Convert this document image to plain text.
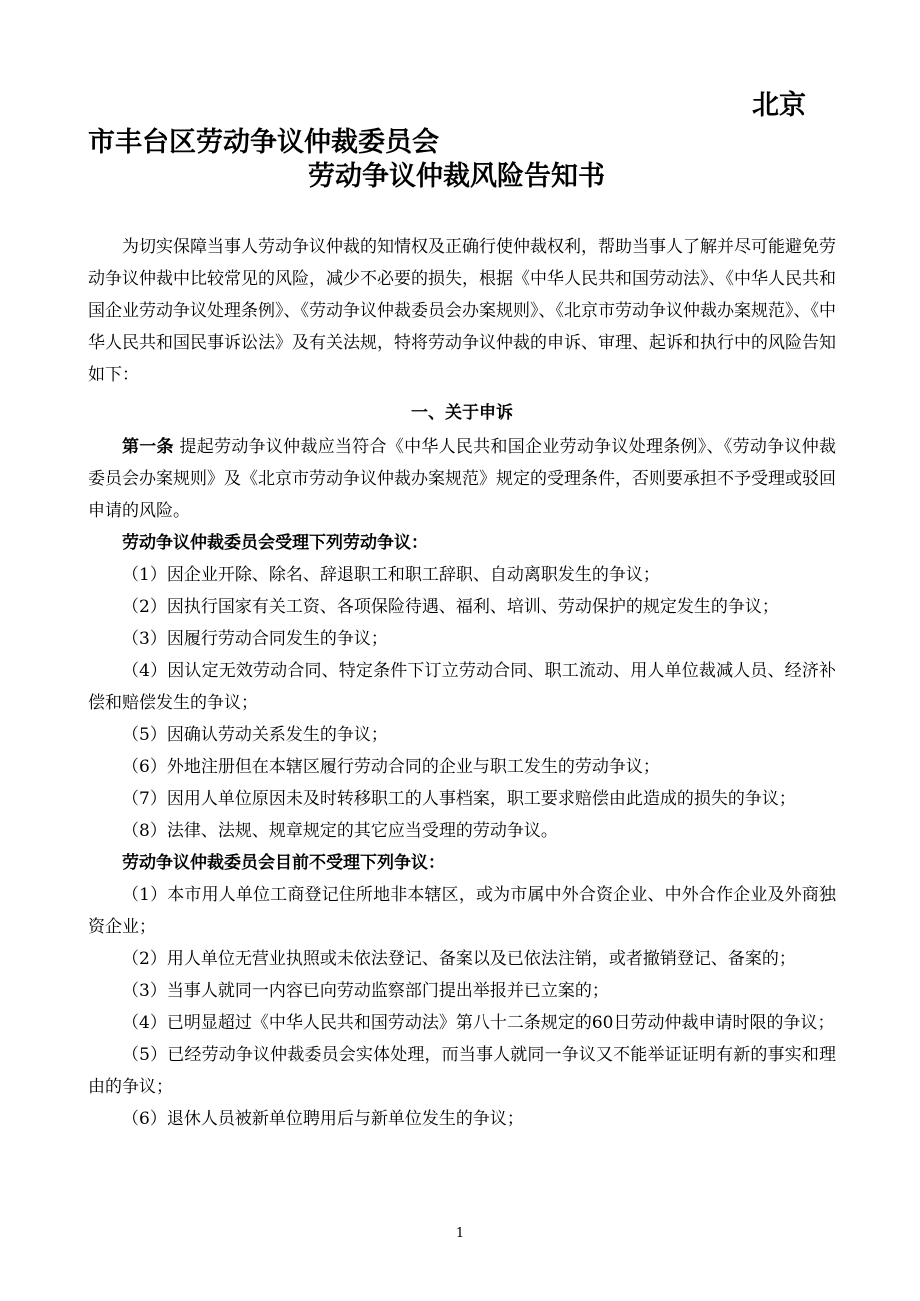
北京
市丰台区劳动争议仲裁委员会
劳动争议仲裁风险告知书

为切实保障当事人劳动争议仲裁的知情权及正确行使仲裁权利，帮助当事人了解并尽可能避免劳动争议仲裁中比较常见的风险，减少不必要的损失，根据《中华人民共和国劳动法》、《中华人民共和国企业劳动争议处理条例》、《劳动争议仲裁委员会办案规则》、《北京市劳动争议仲裁办案规范》、《中华人民共和国民事诉讼法》及有关法规，特将劳动争议仲裁的申诉、审理、起诉和执行中的风险告知如下：

一、关于申诉

第一条 提起劳动争议仲裁应当符合《中华人民共和国企业劳动争议处理条例》、《劳动争议仲裁委员会办案规则》及《北京市劳动争议仲裁办案规范》规定的受理条件，否则要承担不予受理或驳回申请的风险。

劳动争议仲裁委员会受理下列劳动争议：

（1）因企业开除、除名、辞退职工和职工辞职、自动离职发生的争议；

（2）因执行国家有关工资、各项保险待遇、福利、培训、劳动保护的规定发生的争议；

（3）因履行劳动合同发生的争议；

（4）因认定无效劳动合同、特定条件下订立劳动合同、职工流动、用人单位裁减人员、经济补偿和赔偿发生的争议；

（5）因确认劳动关系发生的争议；

（6）外地注册但在本辖区履行劳动合同的企业与职工发生的劳动争议；

（7）因用人单位原因未及时转移职工的人事档案，职工要求赔偿由此造成的损失的争议；

（8）法律、法规、规章规定的其它应当受理的劳动争议。

劳动争议仲裁委员会目前不受理下列争议：

（1）本市用人单位工商登记住所地非本辖区，或为市属中外合资企业、中外合作企业及外商独资企业；

（2）用人单位无营业执照或未依法登记、备案以及已依法注销，或者撤销登记、备案的；

（3）当事人就同一内容已向劳动监察部门提出举报并已立案的；

（4）已明显超过《中华人民共和国劳动法》第八十二条规定的60日劳动仲裁申请时限的争议；

（5）已经劳动争议仲裁委员会实体处理，而当事人就同一争议又不能举证证明有新的事实和理由的争议；

（6）退休人员被新单位聘用后与新单位发生的争议；

1
